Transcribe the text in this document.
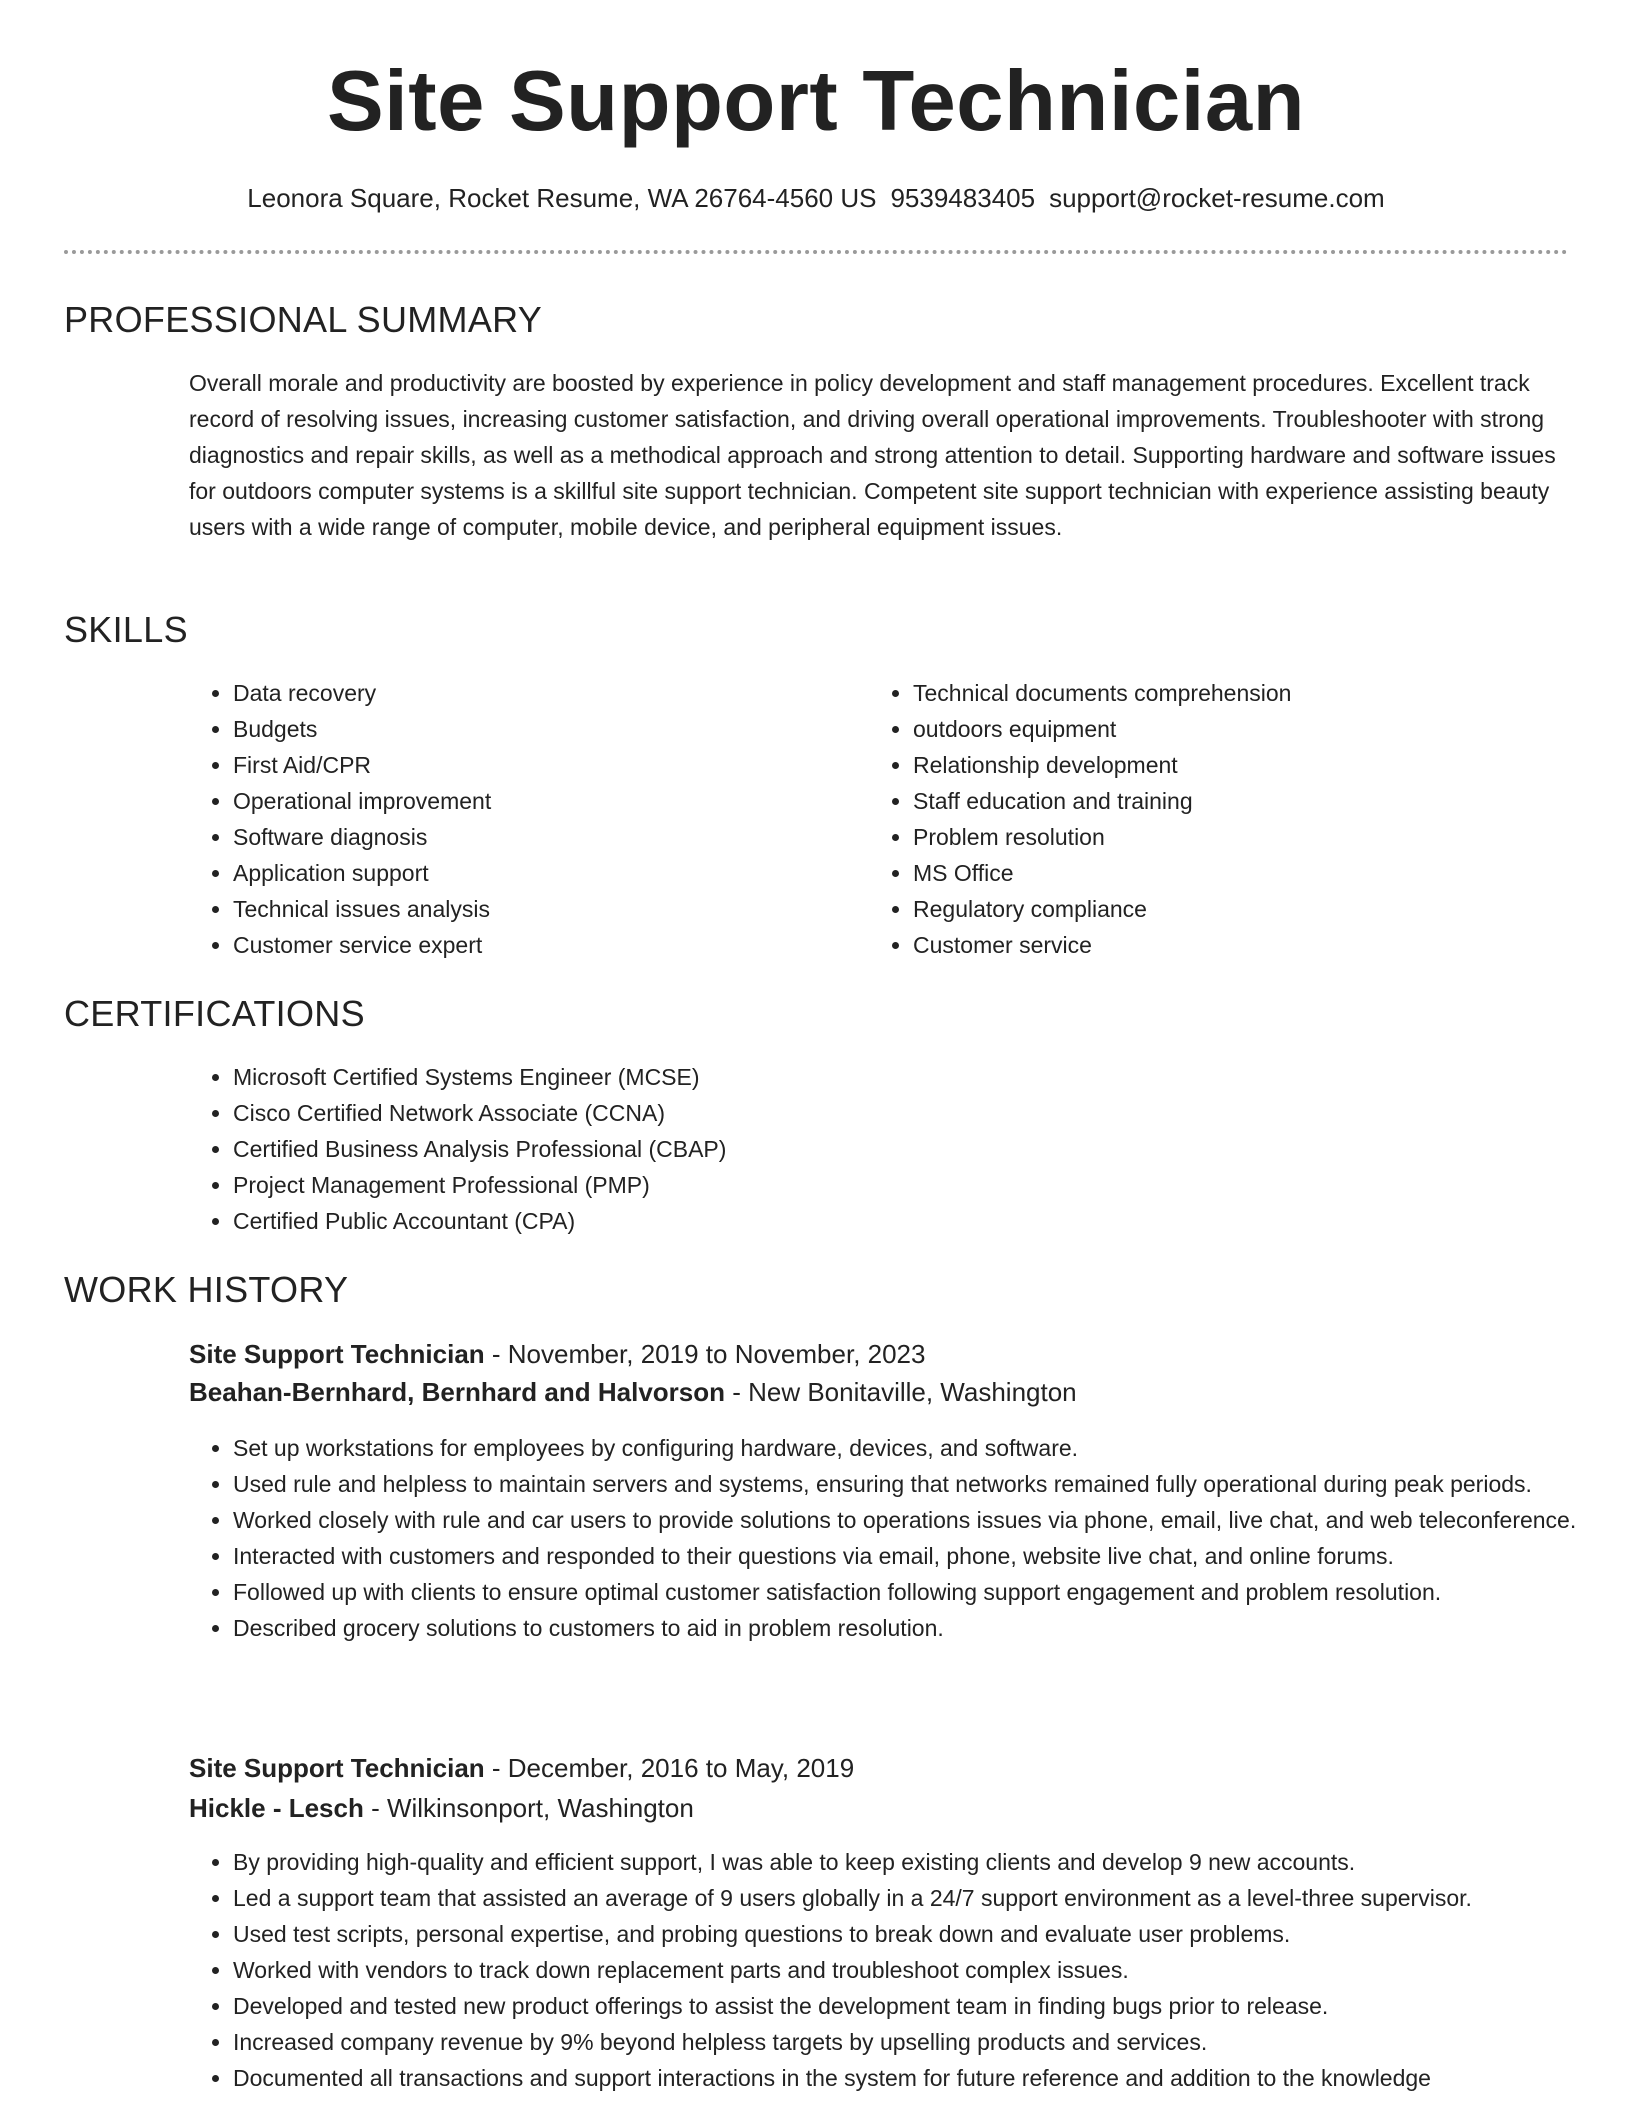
Site Support Technician
Leonora Square, Rocket Resume, WA 26764-4560 US 9539483405 support@rocket-resume.com
PROFESSIONAL SUMMARY

Overall morale and productivity are boosted by experience in policy development and staff management procedures. Excellent track record of resolving issues, increasing customer satisfaction, and driving overall operational improvements. Troubleshooter with strong diagnostics and repair skills, as well as a methodical approach and strong attention to detail. Supporting hardware and software issues for outdoors computer systems is a skillful site support technician. Competent site support technician with experience assisting beauty users with a wide range of computer, mobile device, and peripheral equipment issues.

SKILLS
• Data recovery
• Budgets
• First Aid/CPR
• Operational improvement
• Software diagnosis
• Application support
• Technical issues analysis
• Customer service expert
• Technical documents comprehension
• outdoors equipment
• Relationship development
• Staff education and training
• Problem resolution
• MS Office
• Regulatory compliance
• Customer service
CERTIFICATIONS
• Microsoft Certified Systems Engineer (MCSE)
• Cisco Certified Network Associate (CCNA)
• Certified Business Analysis Professional (CBAP)
• Project Management Professional (PMP)
• Certified Public Accountant (CPA)
WORK HISTORY
Site Support Technician - November, 2019 to November, 2023
Beahan-Bernhard, Bernhard and Halvorson - New Bonitaville, Washington
• Set up workstations for employees by configuring hardware, devices, and software.
• Used rule and helpless to maintain servers and systems, ensuring that networks remained fully operational during peak periods.
• Worked closely with rule and car users to provide solutions to operations issues via phone, email, live chat, and web teleconference.
• Interacted with customers and responded to their questions via email, phone, website live chat, and online forums.
• Followed up with clients to ensure optimal customer satisfaction following support engagement and problem resolution.
• Described grocery solutions to customers to aid in problem resolution.
Site Support Technician - December, 2016 to May, 2019
Hickle - Lesch - Wilkinsonport, Washington
• By providing high-quality and efficient support, I was able to keep existing clients and develop 9 new accounts.
• Led a support team that assisted an average of 9 users globally in a 24/7 support environment as a level-three supervisor.
• Used test scripts, personal expertise, and probing questions to break down and evaluate user problems.
• Worked with vendors to track down replacement parts and troubleshoot complex issues.
• Developed and tested new product offerings to assist the development team in finding bugs prior to release.
• Increased company revenue by 9% beyond helpless targets by upselling products and services.
• Documented all transactions and support interactions in the system for future reference and addition to the knowledge
